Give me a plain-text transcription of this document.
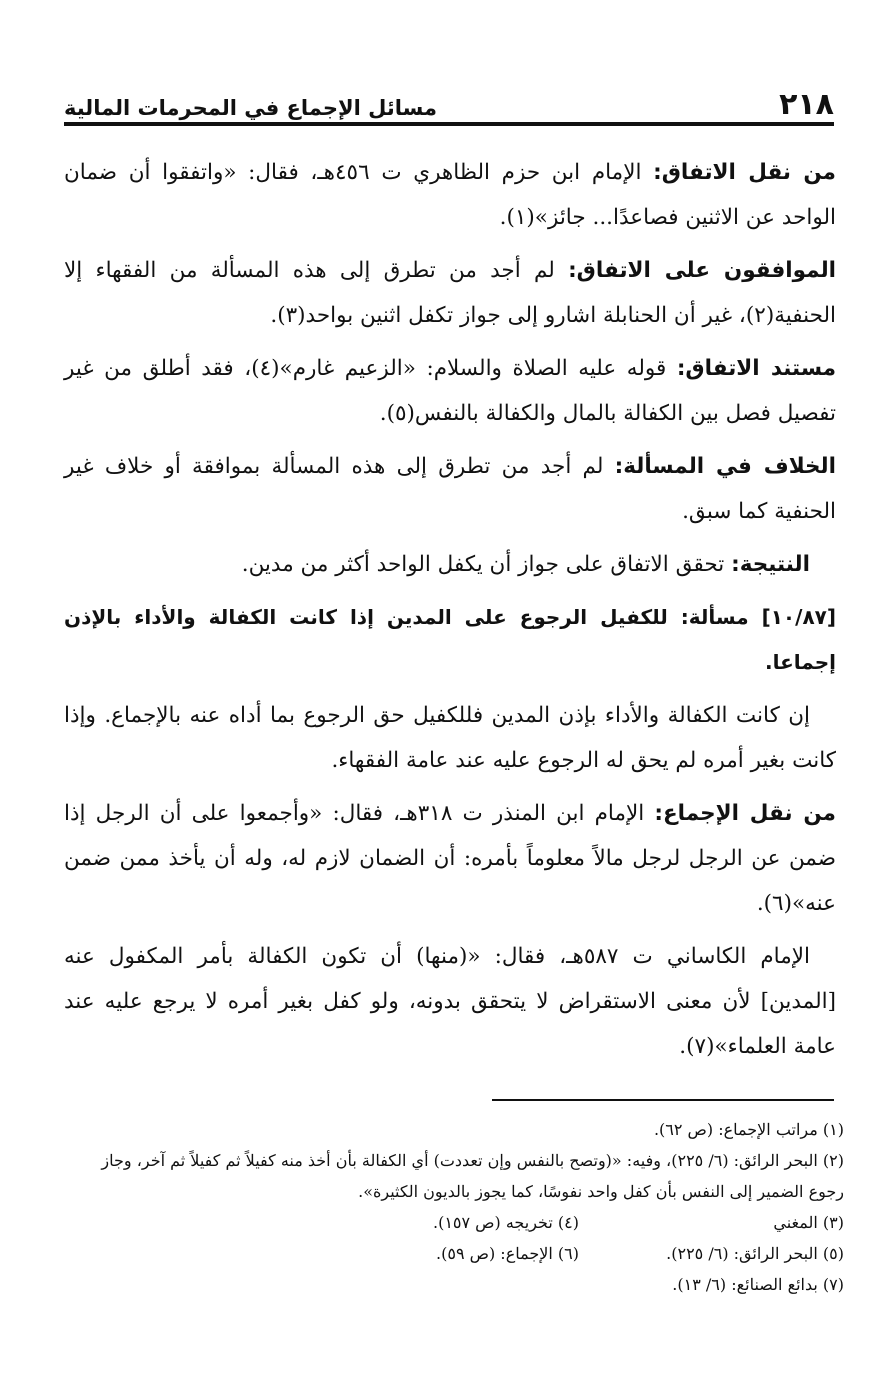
٢١٨
مسائل الإجماع في المحرمات المالية

من نقل الاتفاق: الإمام ابن حزم الظاهري ت ٤٥٦هـ، فقال: «واتفقوا أن ضمان الواحد عن الاثنين فصاعدًا... جائز»(١).

الموافقون على الاتفاق: لم أجد من تطرق إلى هذه المسألة من الفقهاء إلا الحنفية(٢)، غير أن الحنابلة اشارو إلى جواز تكفل اثنين بواحد(٣).

مستند الاتفاق: قوله عليه الصلاة والسلام: «الزعيم غارم»(٤)، فقد أطلق من غير تفصيل فصل بين الكفالة بالمال والكفالة بالنفس(٥).

الخلاف في المسألة: لم أجد من تطرق إلى هذه المسألة بموافقة أو خلاف غير الحنفية كما سبق.

النتيجة: تحقق الاتفاق على جواز أن يكفل الواحد أكثر من مدين.

[١٠/٨٧] مسألة: للكفيل الرجوع على المدين إذا كانت الكفالة والأداء بالإذن إجماعا.

إن كانت الكفالة والأداء بإذن المدين فللكفيل حق الرجوع بما أداه عنه بالإجماع. وإذا كانت بغير أمره لم يحق له الرجوع عليه عند عامة الفقهاء.

من نقل الإجماع: الإمام ابن المنذر ت ٣١٨هـ، فقال: «وأجمعوا على أن الرجل إذا ضمن عن الرجل لرجل مالاً معلوماً بأمره: أن الضمان لازم له، وله أن يأخذ ممن ضمن عنه»(٦).

الإمام الكاساني ت ٥٨٧هـ، فقال: «(منها) أن تكون الكفالة بأمر المكفول عنه [المدين] لأن معنى الاستقراض لا يتحقق بدونه، ولو كفل بغير أمره لا يرجع عليه عند عامة العلماء»(٧).

(١) مراتب الإجماع: (ص ٦٢).

(٢) البحر الرائق: (٦/ ٢٢٥)، وفيه: «(وتصح بالنفس وإن تعددت) أي الكفالة بأن أخذ منه كفيلاً ثم كفيلاً ثم آخر، وجاز رجوع الضمير إلى النفس بأن كفل واحد نفوسًا، كما يجوز بالديون الكثيرة».

(٣) المغني

(٤) تخريجه (ص ١٥٧).

(٥) البحر الرائق: (٦/ ٢٢٥).

(٦) الإجماع: (ص ٥٩).

(٧) بدائع الصنائع: (٦/ ١٣).
